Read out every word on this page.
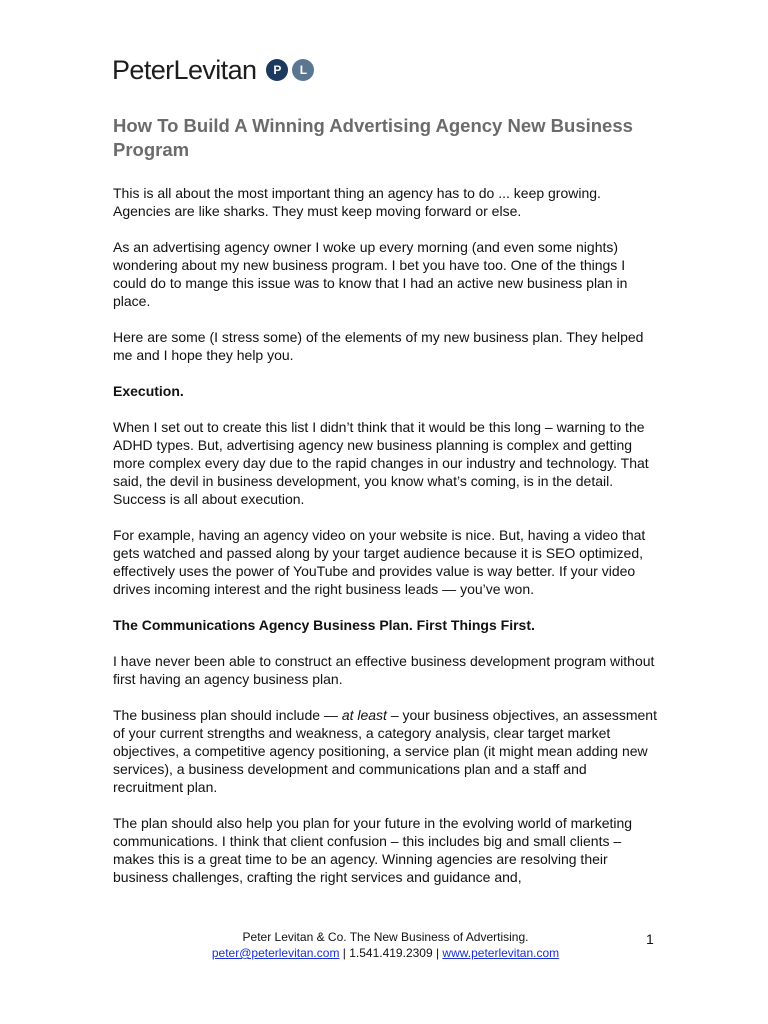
PeterLevitan	P	L
How To Build A Winning Advertising Agency New Business Program

This is all about the most important thing an agency has to do ... keep growing. Agencies are like sharks. They must keep moving forward or else.

As an advertising agency owner I woke up every morning (and even some nights) wondering about my new business program. I bet you have too. One of the things I could do to mange this issue was to know that I had an active new business plan in place.

Here are some (I stress some) of the elements of my new business plan. They helped me and I hope they help you.

Execution.

When I set out to create this list I didn’t think that it would be this long – warning to the ADHD types. But, advertising agency new business planning is complex and getting more complex every day due to the rapid changes in our industry and technology. That said, the devil in business development, you know what’s coming, is in the detail. Success is all about execution.

For example, having an agency video on your website is nice. But, having a video that gets watched and passed along by your target audience because it is SEO optimized, effectively uses the power of YouTube and provides value is way better. If your video drives incoming interest and the right business leads — you’ve won.

The Communications Agency Business Plan. First Things First.

I have never been able to construct an effective business development program without first having an agency business plan.

The business plan should include — at least – your business objectives, an assessment of your current strengths and weakness, a category analysis, clear target market objectives, a competitive agency positioning, a service plan (it might mean adding new services), a business development and communications plan and a staff and recruitment plan.

The plan should also help you plan for your future in the evolving world of marketing communications. I think that client confusion – this includes big and small clients – makes this is a great time to be an agency. Winning agencies are resolving their business challenges, crafting the right services and guidance and,

Peter Levitan & Co. The New Business of Advertising.
peter@peterlevitan.com | 1.541.419.2309 | www.peterlevitan.com
1
